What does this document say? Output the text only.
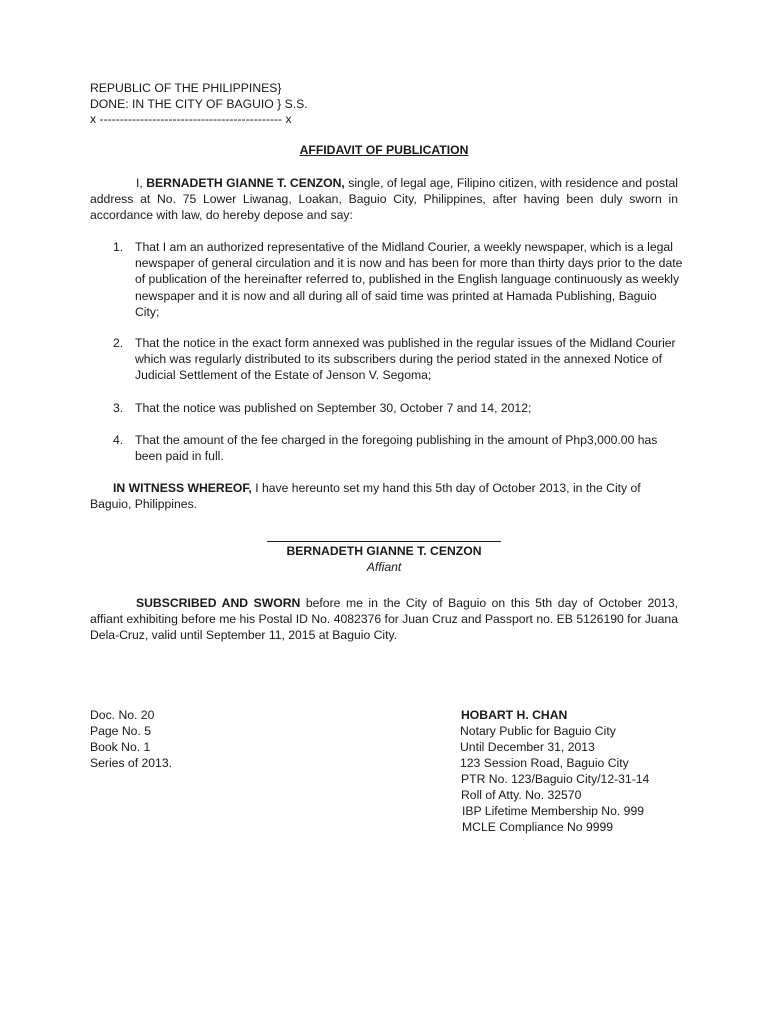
REPUBLIC OF THE PHILIPPINES}
DONE: IN THE CITY OF BAGUIO } S.S.
x --------------------------------------------- x
AFFIDAVIT OF PUBLICATION
I, BERNADETH GIANNE T. CENZON, single, of legal age, Filipino citizen, with residence and postal address at No. 75 Lower Liwanag, Loakan, Baguio City, Philippines, after having been duly sworn in accordance with law, do hereby depose and say:
1. That I am an authorized representative of the Midland Courier, a weekly newspaper, which is a legal newspaper of general circulation and it is now and has been for more than thirty days prior to the date of publication of the hereinafter referred to, published in the English language continuously as weekly newspaper and it is now and all during all of said time was printed at Hamada Publishing, Baguio City;
2. That the notice in the exact form annexed was published in the regular issues of the Midland Courier which was regularly distributed to its subscribers during the period stated in the annexed Notice of Judicial Settlement of the Estate of Jenson V. Segoma;
3. That the notice was published on September 30, October 7 and 14, 2012;
4. That the amount of the fee charged in the foregoing publishing in the amount of Php3,000.00 has been paid in full.
IN WITNESS WHEREOF, I have hereunto set my hand this 5th day of October 2013, in the City of Baguio, Philippines.
BERNADETH GIANNE T. CENZON
Affiant
SUBSCRIBED AND SWORN before me in the City of Baguio on this 5th day of October 2013, affiant exhibiting before me his Postal ID No. 4082376 for Juan Cruz and Passport no. EB 5126190 for Juana Dela-Cruz, valid until September 11, 2015 at Baguio City.
Doc. No. 20
Page No. 5
Book No. 1
Series of 2013.
HOBART H. CHAN
Notary Public for Baguio City
Until December 31, 2013
123 Session Road, Baguio City
PTR No. 123/Baguio City/12-31-14
Roll of Atty. No. 32570
IBP Lifetime Membership No. 999
MCLE Compliance No 9999
